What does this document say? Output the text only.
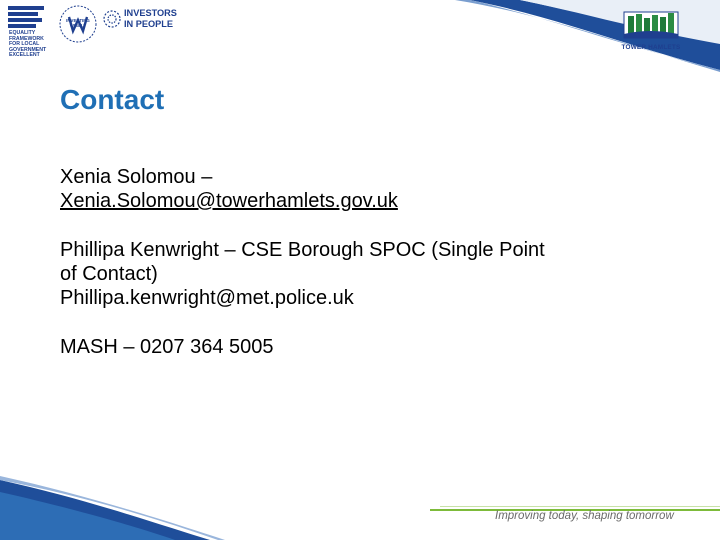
EQUALITY
FRAMEWORK
FOR LOCAL
GOVERNMENT
EXCELLENT
INVESTING
WISELY
INVESTORS
IN PEOPLE
TOWER HAMLETS
Contact

Xenia Solomou –
Xenia.Solomou@towerhamlets.gov.uk

Phillipa Kenwright – CSE Borough SPOC (Single Point
of Contact)
Phillipa.kenwright@met.police.uk

MASH – 0207 364 5005

Improving today, shaping tomorrow
